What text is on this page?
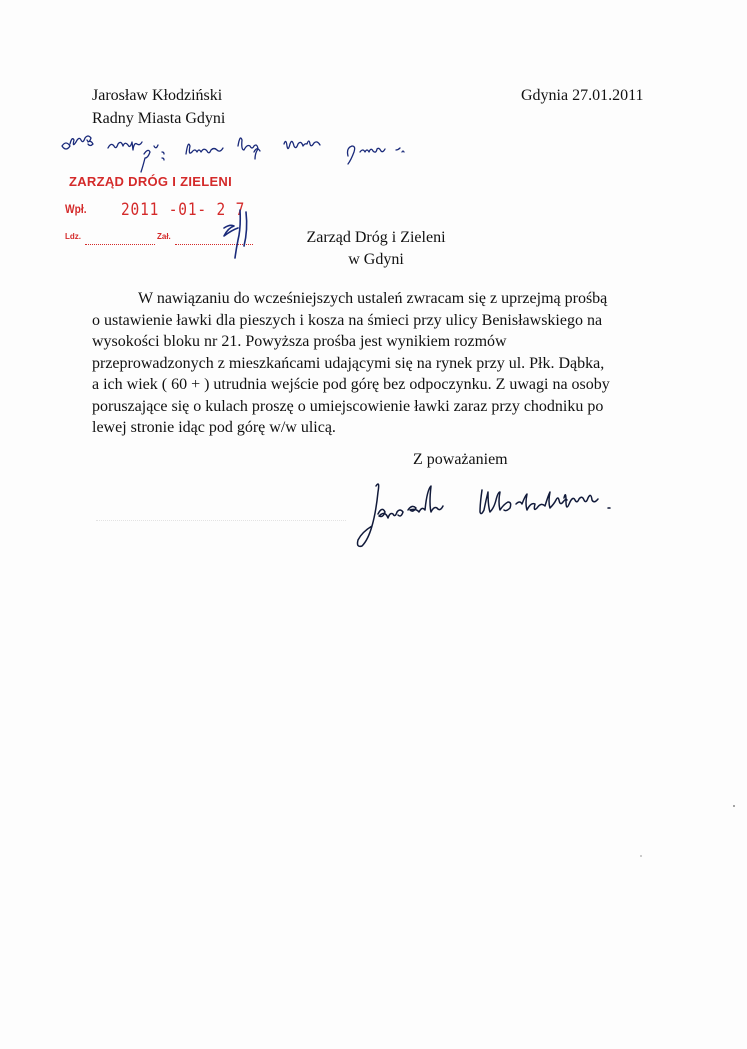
Jarosław Kłodziński
Radny Miasta Gdyni
Gdynia 27.01.2011
ZARZĄD DRÓG I ZIELENI
Wpł. 2011 -01- 2 7
Ldz.	Zał.	Zarząd Dróg i Zieleni
w Gdyni
W nawiązaniu do wcześniejszych ustaleń zwracam się z uprzejmą prośbą
o ustawienie ławki dla pieszych i kosza na śmieci przy ulicy Benisławskiego na
wysokości bloku nr 21. Powyższa prośba jest wynikiem rozmów
przeprowadzonych z mieszkańcami udającymi się na rynek przy ul. Płk. Dąbka,
a ich wiek ( 60 + ) utrudnia wejście pod górę bez odpoczynku. Z uwagi na osoby
poruszające się o kulach proszę o umiejscowienie ławki zaraz przy chodniku po
lewej stronie idąc pod górę w/w ulicą.
Z poważaniem
